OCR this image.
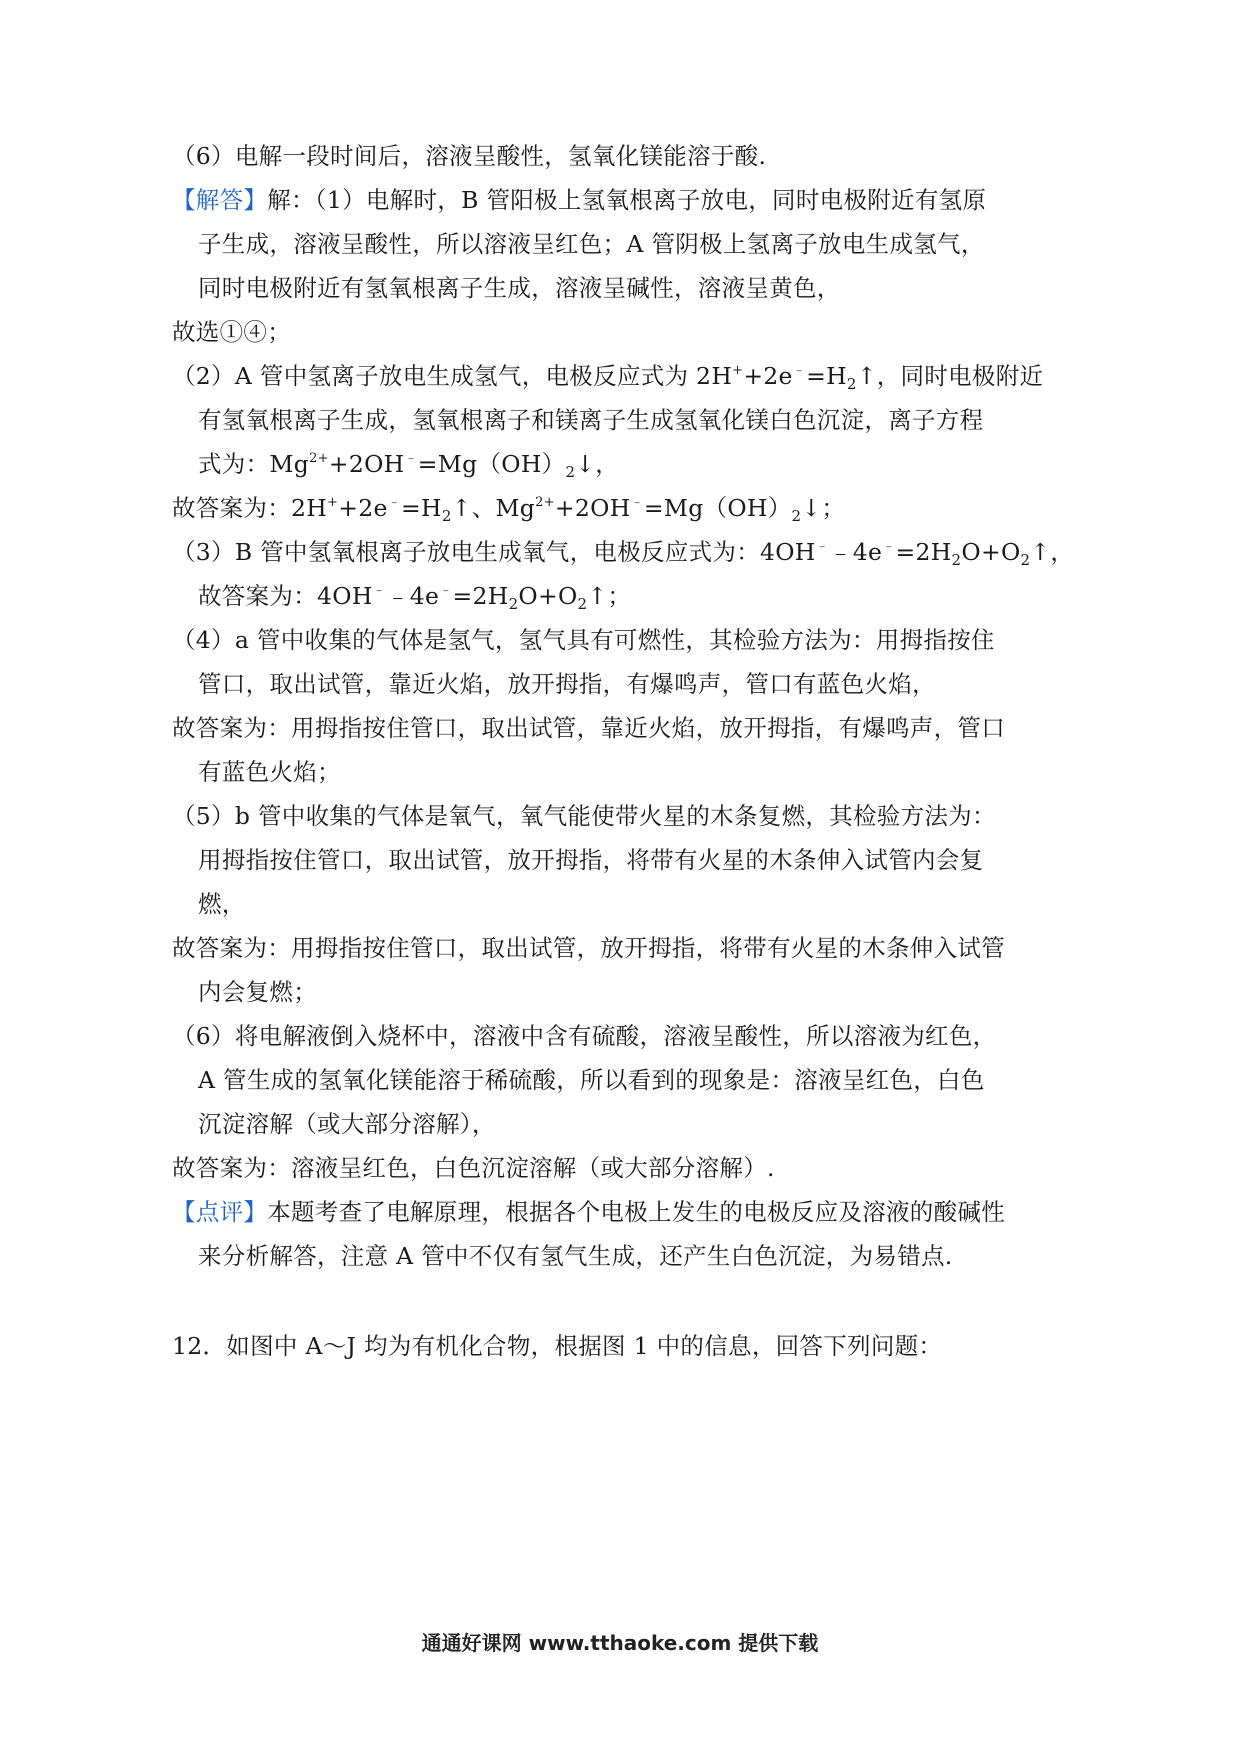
（6）电解一段时间后，溶液呈酸性，氢氧化镁能溶于酸.
【解答】解：（1）电解时，B 管阳极上氢氧根离子放电，同时电极附近有氢原
子生成，溶液呈酸性，所以溶液呈红色；A 管阴极上氢离子放电生成氢气，
同时电极附近有氢氧根离子生成，溶液呈碱性，溶液呈黄色，
故选①④；
（2）A 管中氢离子放电生成氢气，电极反应式为 $2H^++2e^﹣=H_2↑$，同时电极附近
有氢氧根离子生成，氢氧根离子和镁离子生成氢氧化镁白色沉淀，离子方程
式为：$Mg^{2+}+2OH^﹣=Mg(OH)_2↓$，
故答案为：$2H^++2e^﹣=H_2↑$、$Mg^{2+}+2OH^﹣=Mg(OH)_2↓$；
（3）B 管中氢氧根离子放电生成氧气，电极反应式为：$4OH^﹣﹣4e^﹣=2H_2O+O_2↑$，
故答案为：$4OH^﹣﹣4e^﹣=2H_2O+O_2↑$；
（4）a 管中收集的气体是氢气，氢气具有可燃性，其检验方法为：用拇指按住
管口，取出试管，靠近火焰，放开拇指，有爆鸣声，管口有蓝色火焰，
故答案为：用拇指按住管口，取出试管，靠近火焰，放开拇指，有爆鸣声，管口
有蓝色火焰；
（5）b 管中收集的气体是氧气，氧气能使带火星的木条复燃，其检验方法为：
用拇指按住管口，取出试管，放开拇指，将带有火星的木条伸入试管内会复
燃，
故答案为：用拇指按住管口，取出试管，放开拇指，将带有火星的木条伸入试管
内会复燃；
（6）将电解液倒入烧杯中，溶液中含有硫酸，溶液呈酸性，所以溶液为红色，
A 管生成的氢氧化镁能溶于稀硫酸，所以看到的现象是：溶液呈红色，白色
沉淀溶解（或大部分溶解），
故答案为：溶液呈红色，白色沉淀溶解（或大部分溶解）.
【点评】本题考查了电解原理，根据各个电极上发生的电极反应及溶液的酸碱性
来分析解答，注意 A 管中不仅有氢气生成，还产生白色沉淀，为易错点.
12．如图中 A～J 均为有机化合物，根据图 1 中的信息，回答下列问题：
通通好课网 www.tthaoke.com 提供下载
